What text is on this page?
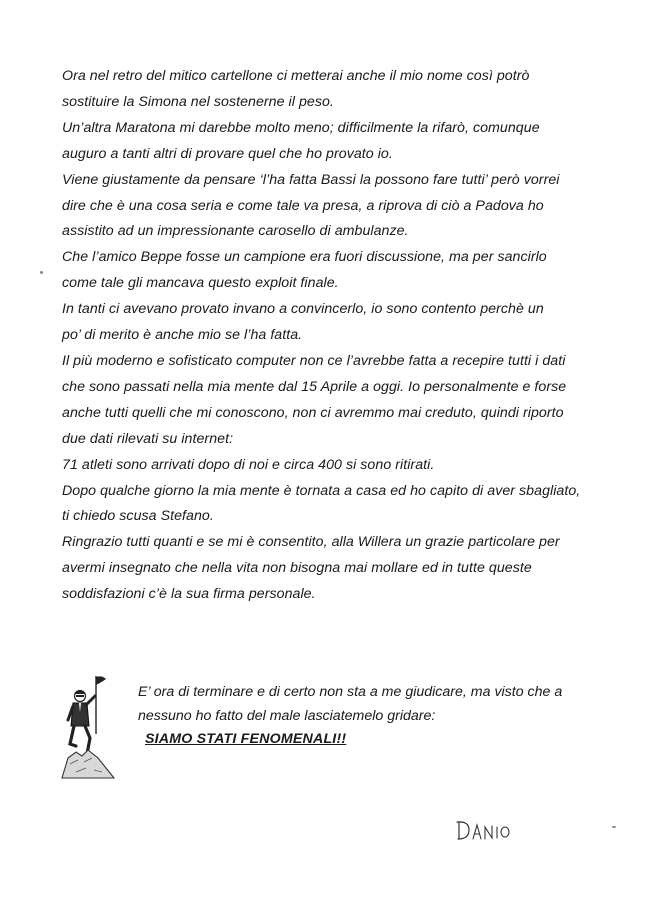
Ora nel retro del mitico cartellone ci metterai anche il mio nome così potrò
sostituire la Simona nel sostenerne il peso.
Un’altra Maratona mi darebbe molto meno; difficilmente la rifarò, comunque
auguro a tanti altri di provare quel che ho provato io.
Viene giustamente da pensare ‘l’ha fatta Bassi la possono fare tutti’ però vorrei
dire che è una cosa seria e come tale va presa, a riprova di ciò a Padova ho
assistito ad un impressionante carosello di ambulanze.
Che l’amico Beppe fosse un campione era fuori discussione, ma per sancirlo
come tale gli mancava questo exploit finale.
In tanti ci avevano provato invano a convincerlo, io sono contento perchè un
po’ di merito è anche mio se l’ha fatta.
Il più moderno e sofisticato computer non ce l’avrebbe fatta a recepire tutti i dati
che sono passati nella mia mente dal 15 Aprile a oggi. Io personalmente e forse
anche tutti quelli che mi conoscono, non ci avremmo mai creduto, quindi riporto
due dati rilevati su internet:
71 atleti sono arrivati dopo di noi e circa 400 si sono ritirati.
Dopo qualche giorno la mia mente è tornata a casa ed ho capito di aver sbagliato,
ti chiedo scusa Stefano.
Ringrazio tutti quanti e se mi è consentito, alla Willera un grazie particolare per
avermi insegnato che nella vita non bisogna mai mollare ed in tutte queste
soddisfazioni c’è la sua firma personale.
E’ ora di terminare e di certo non sta a me giudicare, ma visto che a
nessuno ho fatto del male lasciatemelo gridare:
SIAMO STATI FENOMENALI!!
